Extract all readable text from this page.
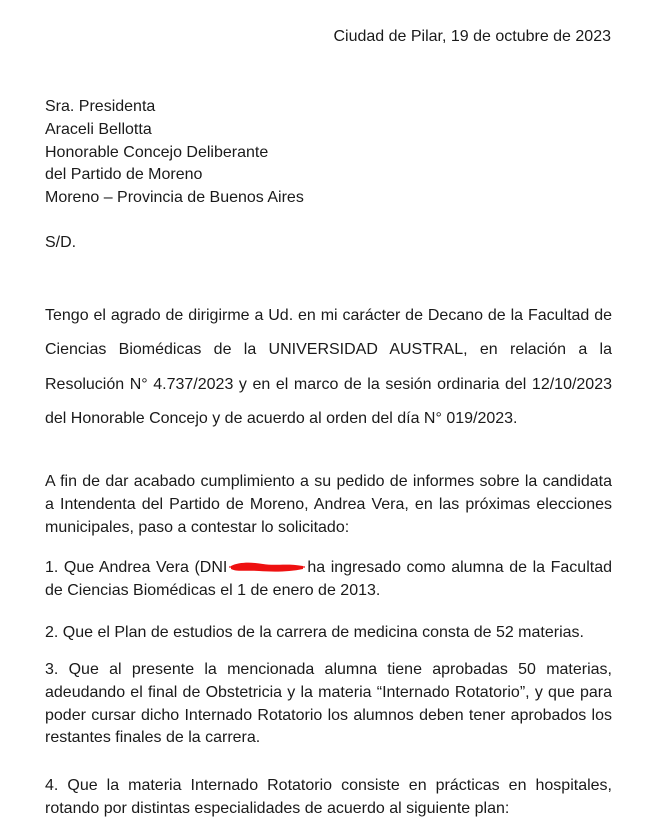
Ciudad de Pilar, 19 de octubre de 2023
Sra. Presidenta
Araceli Bellotta
Honorable Concejo Deliberante
del Partido de Moreno
Moreno – Provincia de Buenos Aires
S/D.

Tengo el agrado de dirigirme a Ud. en mi carácter de Decano de la Facultad de Ciencias Biomédicas de la UNIVERSIDAD AUSTRAL, en relación a la Resolución N° 4.737/2023 y en el marco de la sesión ordinaria del 12/10/2023 del Honorable Concejo y de acuerdo al orden del día N° 019/2023.

A fin de dar acabado cumplimiento a su pedido de informes sobre la candidata a Intendenta del Partido de Moreno, Andrea Vera, en las próximas elecciones municipales, paso a contestar lo solicitado:

1. Que Andrea Vera (DNI	ha ingresado como alumna de la Facultad de Ciencias Biomédicas el 1 de enero de 2013.

2. Que el Plan de estudios de la carrera de medicina consta de 52 materias.

3. Que al presente la mencionada alumna tiene aprobadas 50 materias, adeudando el final de Obstetricia y la materia “Internado Rotatorio”, y que para poder cursar dicho Internado Rotatorio los alumnos deben tener aprobados los restantes finales de la carrera.

4. Que la materia Internado Rotatorio consiste en prácticas en hospitales, rotando por distintas especialidades de acuerdo al siguiente plan:
